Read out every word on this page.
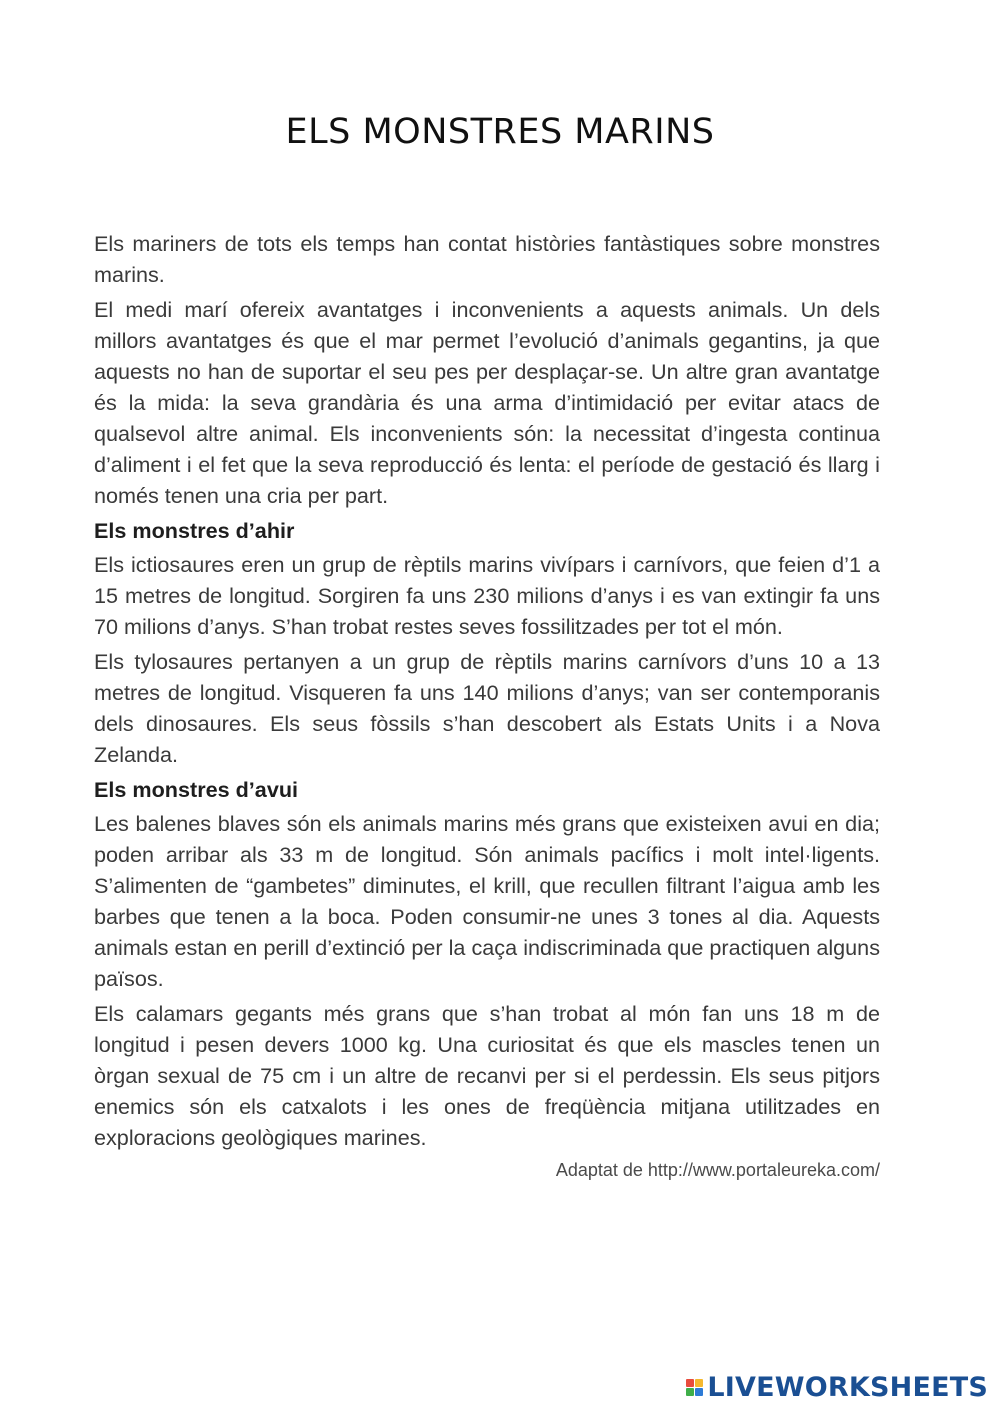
ELS MONSTRES MARINS

Els mariners de tots els temps han contat històries fantàstiques sobre monstres marins.

El medi marí ofereix avantatges i inconvenients a aquests animals. Un dels millors avantatges és que el mar permet l’evolució d’animals gegantins, ja que aquests no han de suportar el seu pes per desplaçar-se. Un altre gran avantatge és la mida: la seva grandària és una arma d’intimidació per evitar atacs de qualsevol altre animal. Els inconvenients són: la necessitat d’ingesta continua d’aliment i el fet que la seva reproducció és lenta: el període de gestació és llarg i només tenen una cria per part.

Els monstres d’ahir

Els ictiosaures eren un grup de rèptils marins vivípars i carnívors, que feien d’1 a 15 metres de longitud. Sorgiren fa uns 230 milions d’anys i es van extingir fa uns 70 milions d’anys. S’han trobat restes seves fossilitzades per tot el món.

Els tylosaures pertanyen a un grup de rèptils marins carnívors d’uns 10 a 13 metres de longitud. Visqueren fa uns 140 milions d’anys; van ser contemporanis dels dinosaures. Els seus fòssils s’han descobert als Estats Units i a Nova Zelanda.

Els monstres d’avui

Les balenes blaves són els animals marins més grans que existeixen avui en dia; poden arribar als 33 m de longitud. Són animals pacífics i molt intel·ligents. S’alimenten de “gambetes” diminutes, el krill, que recullen filtrant l’aigua amb les barbes que tenen a la boca. Poden consumir-ne unes 3 tones al dia. Aquests animals estan en perill d’extinció per la caça indiscriminada que practiquen alguns països.

Els calamars gegants més grans que s’han trobat al món fan uns 18 m de longitud i pesen devers 1000 kg. Una curiositat és que els mascles tenen un òrgan sexual de 75 cm i un altre de recanvi per si el perdessin. Els seus pitjors enemics són els catxalots i les ones de freqüència mitjana utilitzades en exploracions geològiques marines.

Adaptat de http://www.portaleureka.com/
LIVEWORKSHEETS
